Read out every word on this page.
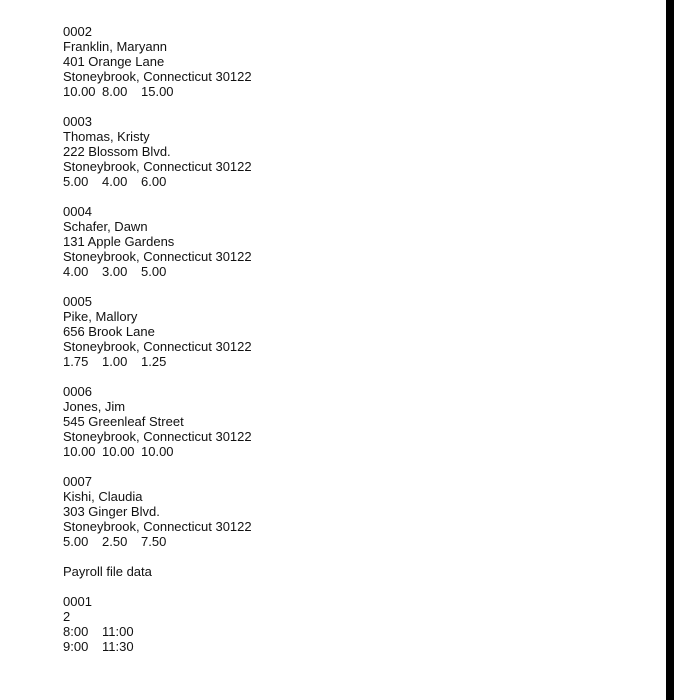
0002
Franklin, Maryann
401 Orange Lane
Stoneybrook, Connecticut 30122
10.00 8.00 15.00
0003
Thomas, Kristy
222 Blossom Blvd.
Stoneybrook, Connecticut 30122
5.00 4.00 6.00
0004
Schafer, Dawn
131 Apple Gardens
Stoneybrook, Connecticut 30122
4.00 3.00 5.00
0005
Pike, Mallory
656 Brook Lane
Stoneybrook, Connecticut 30122
1.75 1.00 1.25
0006
Jones, Jim
545 Greenleaf Street
Stoneybrook, Connecticut 30122
10.00 10.00 10.00
0007
Kishi, Claudia
303 Ginger Blvd.
Stoneybrook, Connecticut 30122
5.00 2.50 7.50
Payroll file data
0001
2
8:00 11:00
9:00 11:30
